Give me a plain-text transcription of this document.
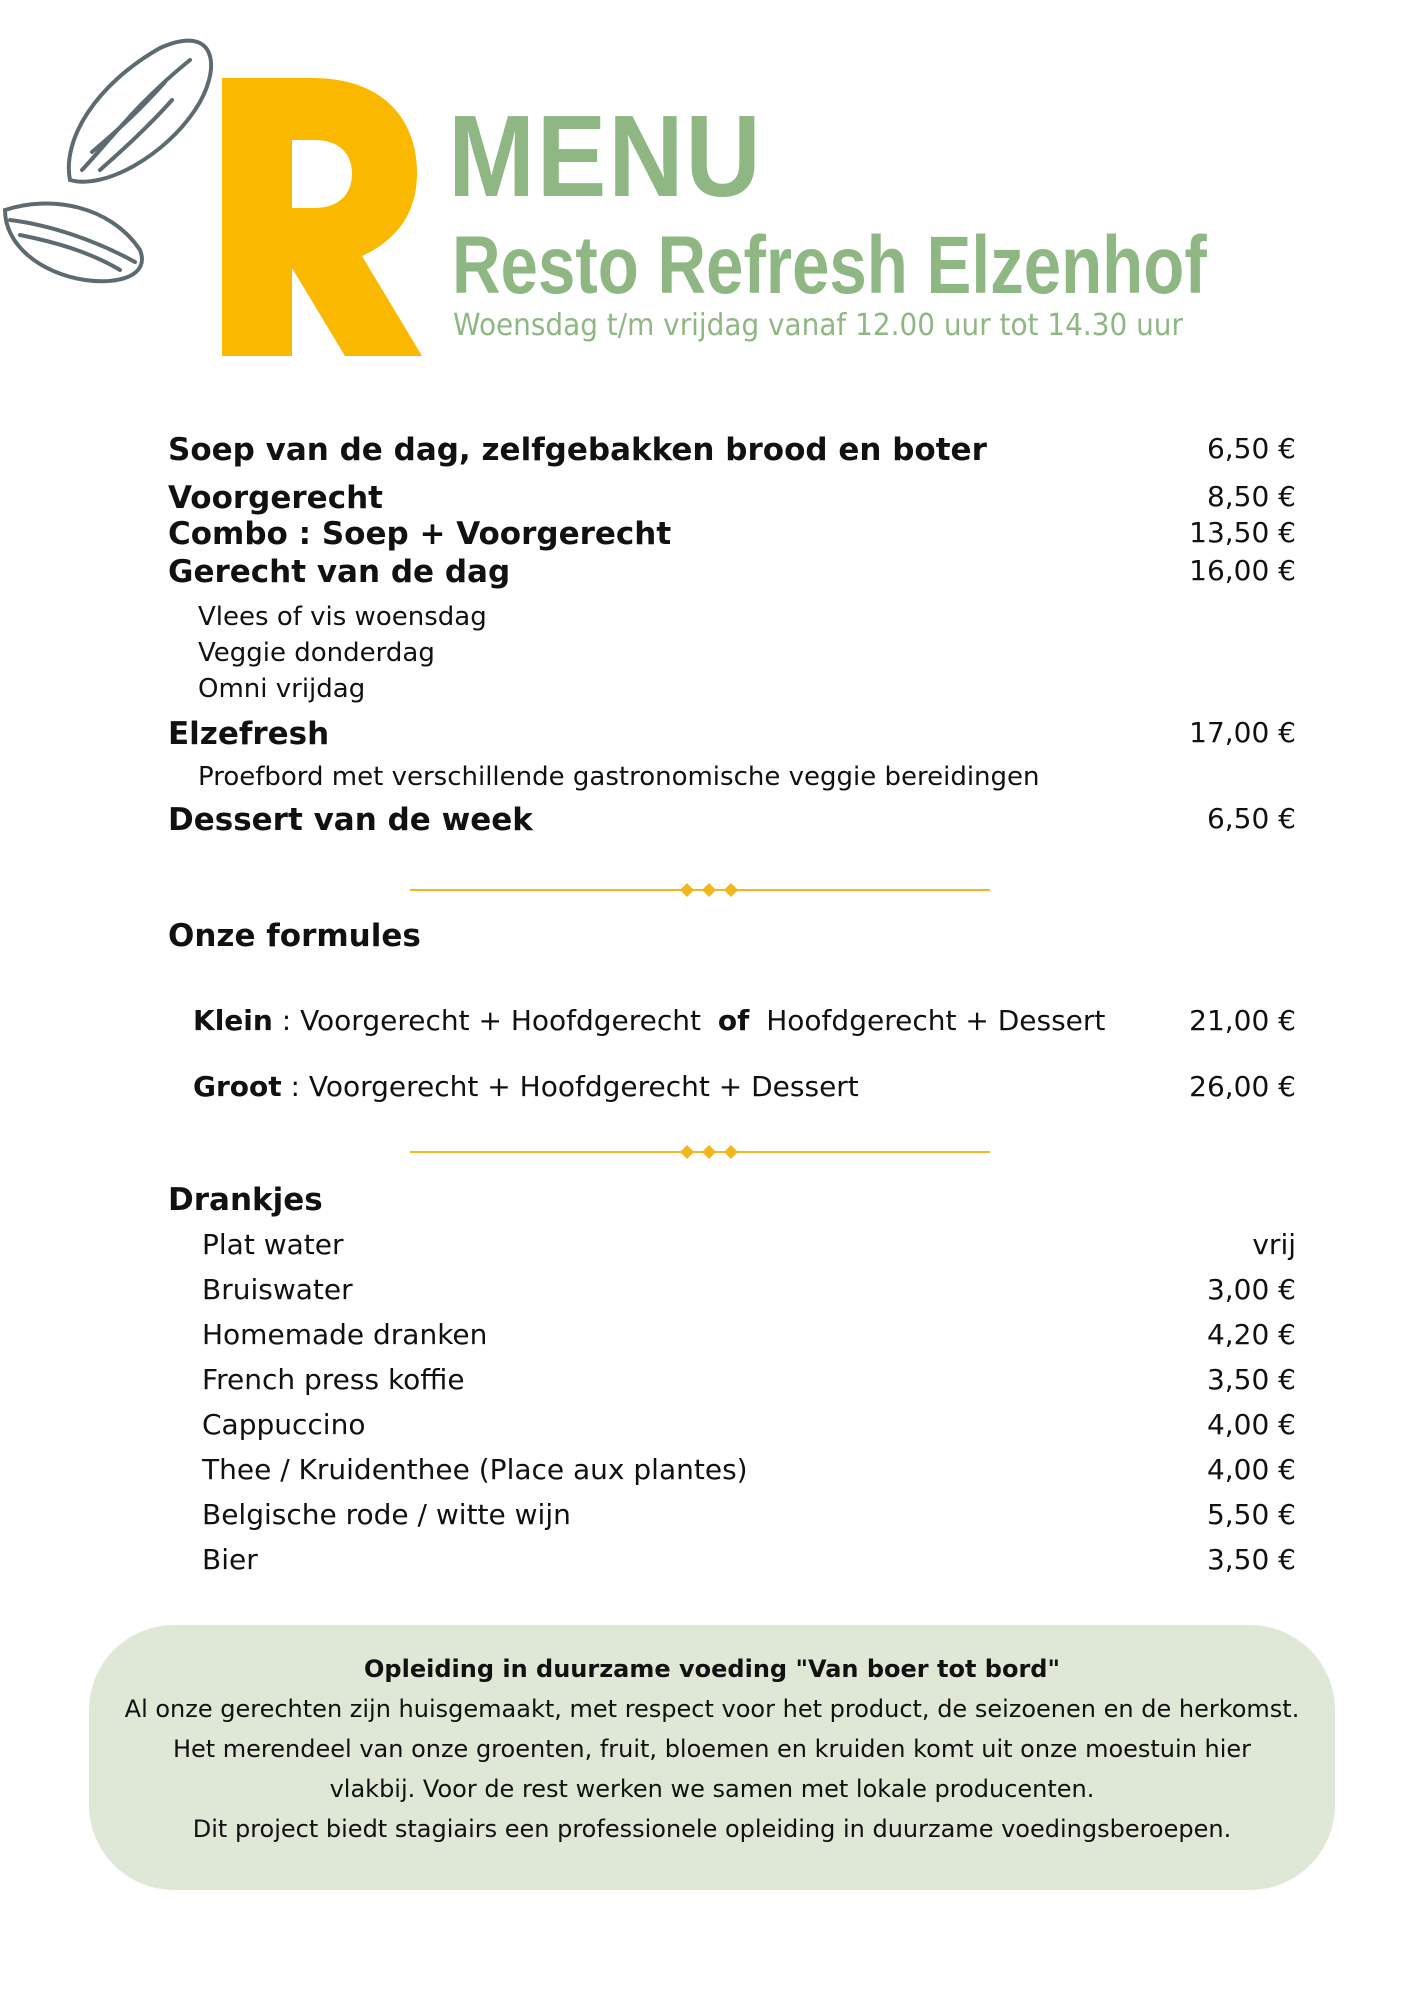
MENU
Resto Refresh Elzenhof
Woensdag t/m vrijdag vanaf 12.00 uur tot 14.30 uur
Soep van de dag, zelfgebakken brood en boter	6,50 €
Voorgerecht	8,50 €
Combo : Soep + Voorgerecht	13,50 €
Gerecht van de dag	16,00 €
Vlees of vis woensdag
Veggie donderdag
Omni vrijdag
Elzefresh	17,00 €
Proefbord met verschillende gastronomische veggie bereidingen
Dessert van de week	6,50 €
Onze formules
Klein : Voorgerecht + Hoofdgerecht of Hoofdgerecht + Dessert	21,00 €
Groot : Voorgerecht + Hoofdgerecht + Dessert	26,00 €
Drankjes
Plat water	vrij
Bruiswater	3,00 €
Homemade dranken	4,20 €
French press koffie	3,50 €
Cappuccino	4,00 €
Thee / Kruidenthee (Place aux plantes)	4,00 €
Belgische rode / witte wijn	5,50 €
Bier	3,50 €
Opleiding in duurzame voeding "Van boer tot bord"
Al onze gerechten zijn huisgemaakt, met respect voor het product, de seizoenen en de herkomst.
Het merendeel van onze groenten, fruit, bloemen en kruiden komt uit onze moestuin hier
vlakbij. Voor de rest werken we samen met lokale producenten.
Dit project biedt stagiairs een professionele opleiding in duurzame voedingsberoepen.
